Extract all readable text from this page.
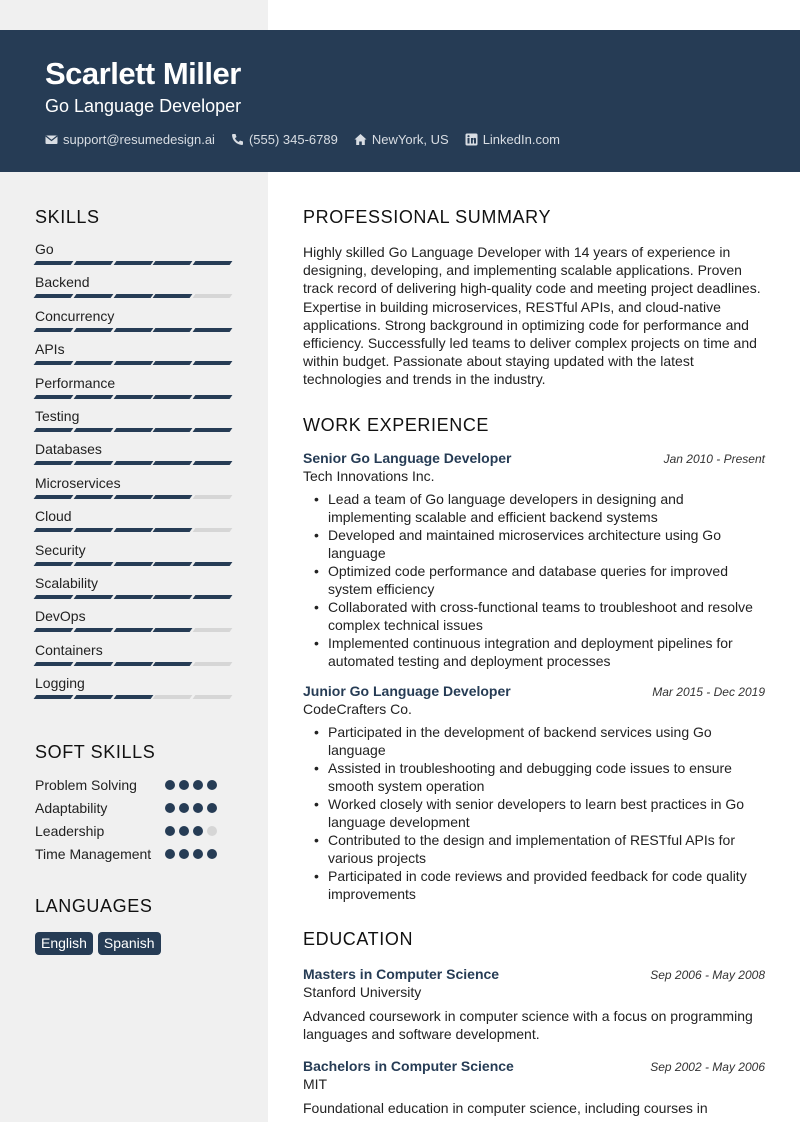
Scarlett Miller
Go Language Developer
support@resumedesign.ai	(555) 345-6789	NewYork, US	LinkedIn.com
SKILLS
Go
Backend
Concurrency
APIs
Performance
Testing
Databases
Microservices
Cloud
Security
Scalability
DevOps
Containers
Logging
SOFT SKILLS
Problem Solving
Adaptability
Leadership
Time Management
LANGUAGES
English	Spanish
PROFESSIONAL SUMMARY
Highly skilled Go Language Developer with 14 years of experience in designing, developing, and implementing scalable applications. Proven track record of delivering high-quality code and meeting project deadlines. Expertise in building microservices, RESTful APIs, and cloud-native applications. Strong background in optimizing code for performance and efficiency. Successfully led teams to deliver complex projects on time and within budget. Passionate about staying updated with the latest technologies and trends in the industry.
WORK EXPERIENCE
Senior Go Language Developer	Jan 2010 - Present
Tech Innovations Inc.
• Lead a team of Go language developers in designing and implementing scalable and efficient backend systems
• Developed and maintained microservices architecture using Go language
• Optimized code performance and database queries for improved system efficiency
• Collaborated with cross-functional teams to troubleshoot and resolve complex technical issues
• Implemented continuous integration and deployment pipelines for automated testing and deployment processes
Junior Go Language Developer	Mar 2015 - Dec 2019
CodeCrafters Co.
• Participated in the development of backend services using Go language
• Assisted in troubleshooting and debugging code issues to ensure smooth system operation
• Worked closely with senior developers to learn best practices in Go language development
• Contributed to the design and implementation of RESTful APIs for various projects
• Participated in code reviews and provided feedback for code quality improvements
EDUCATION
Masters in Computer Science	Sep 2006 - May 2008
Stanford University
Advanced coursework in computer science with a focus on programming languages and software development.
Bachelors in Computer Science	Sep 2002 - May 2006
MIT
Foundational education in computer science, including courses in
